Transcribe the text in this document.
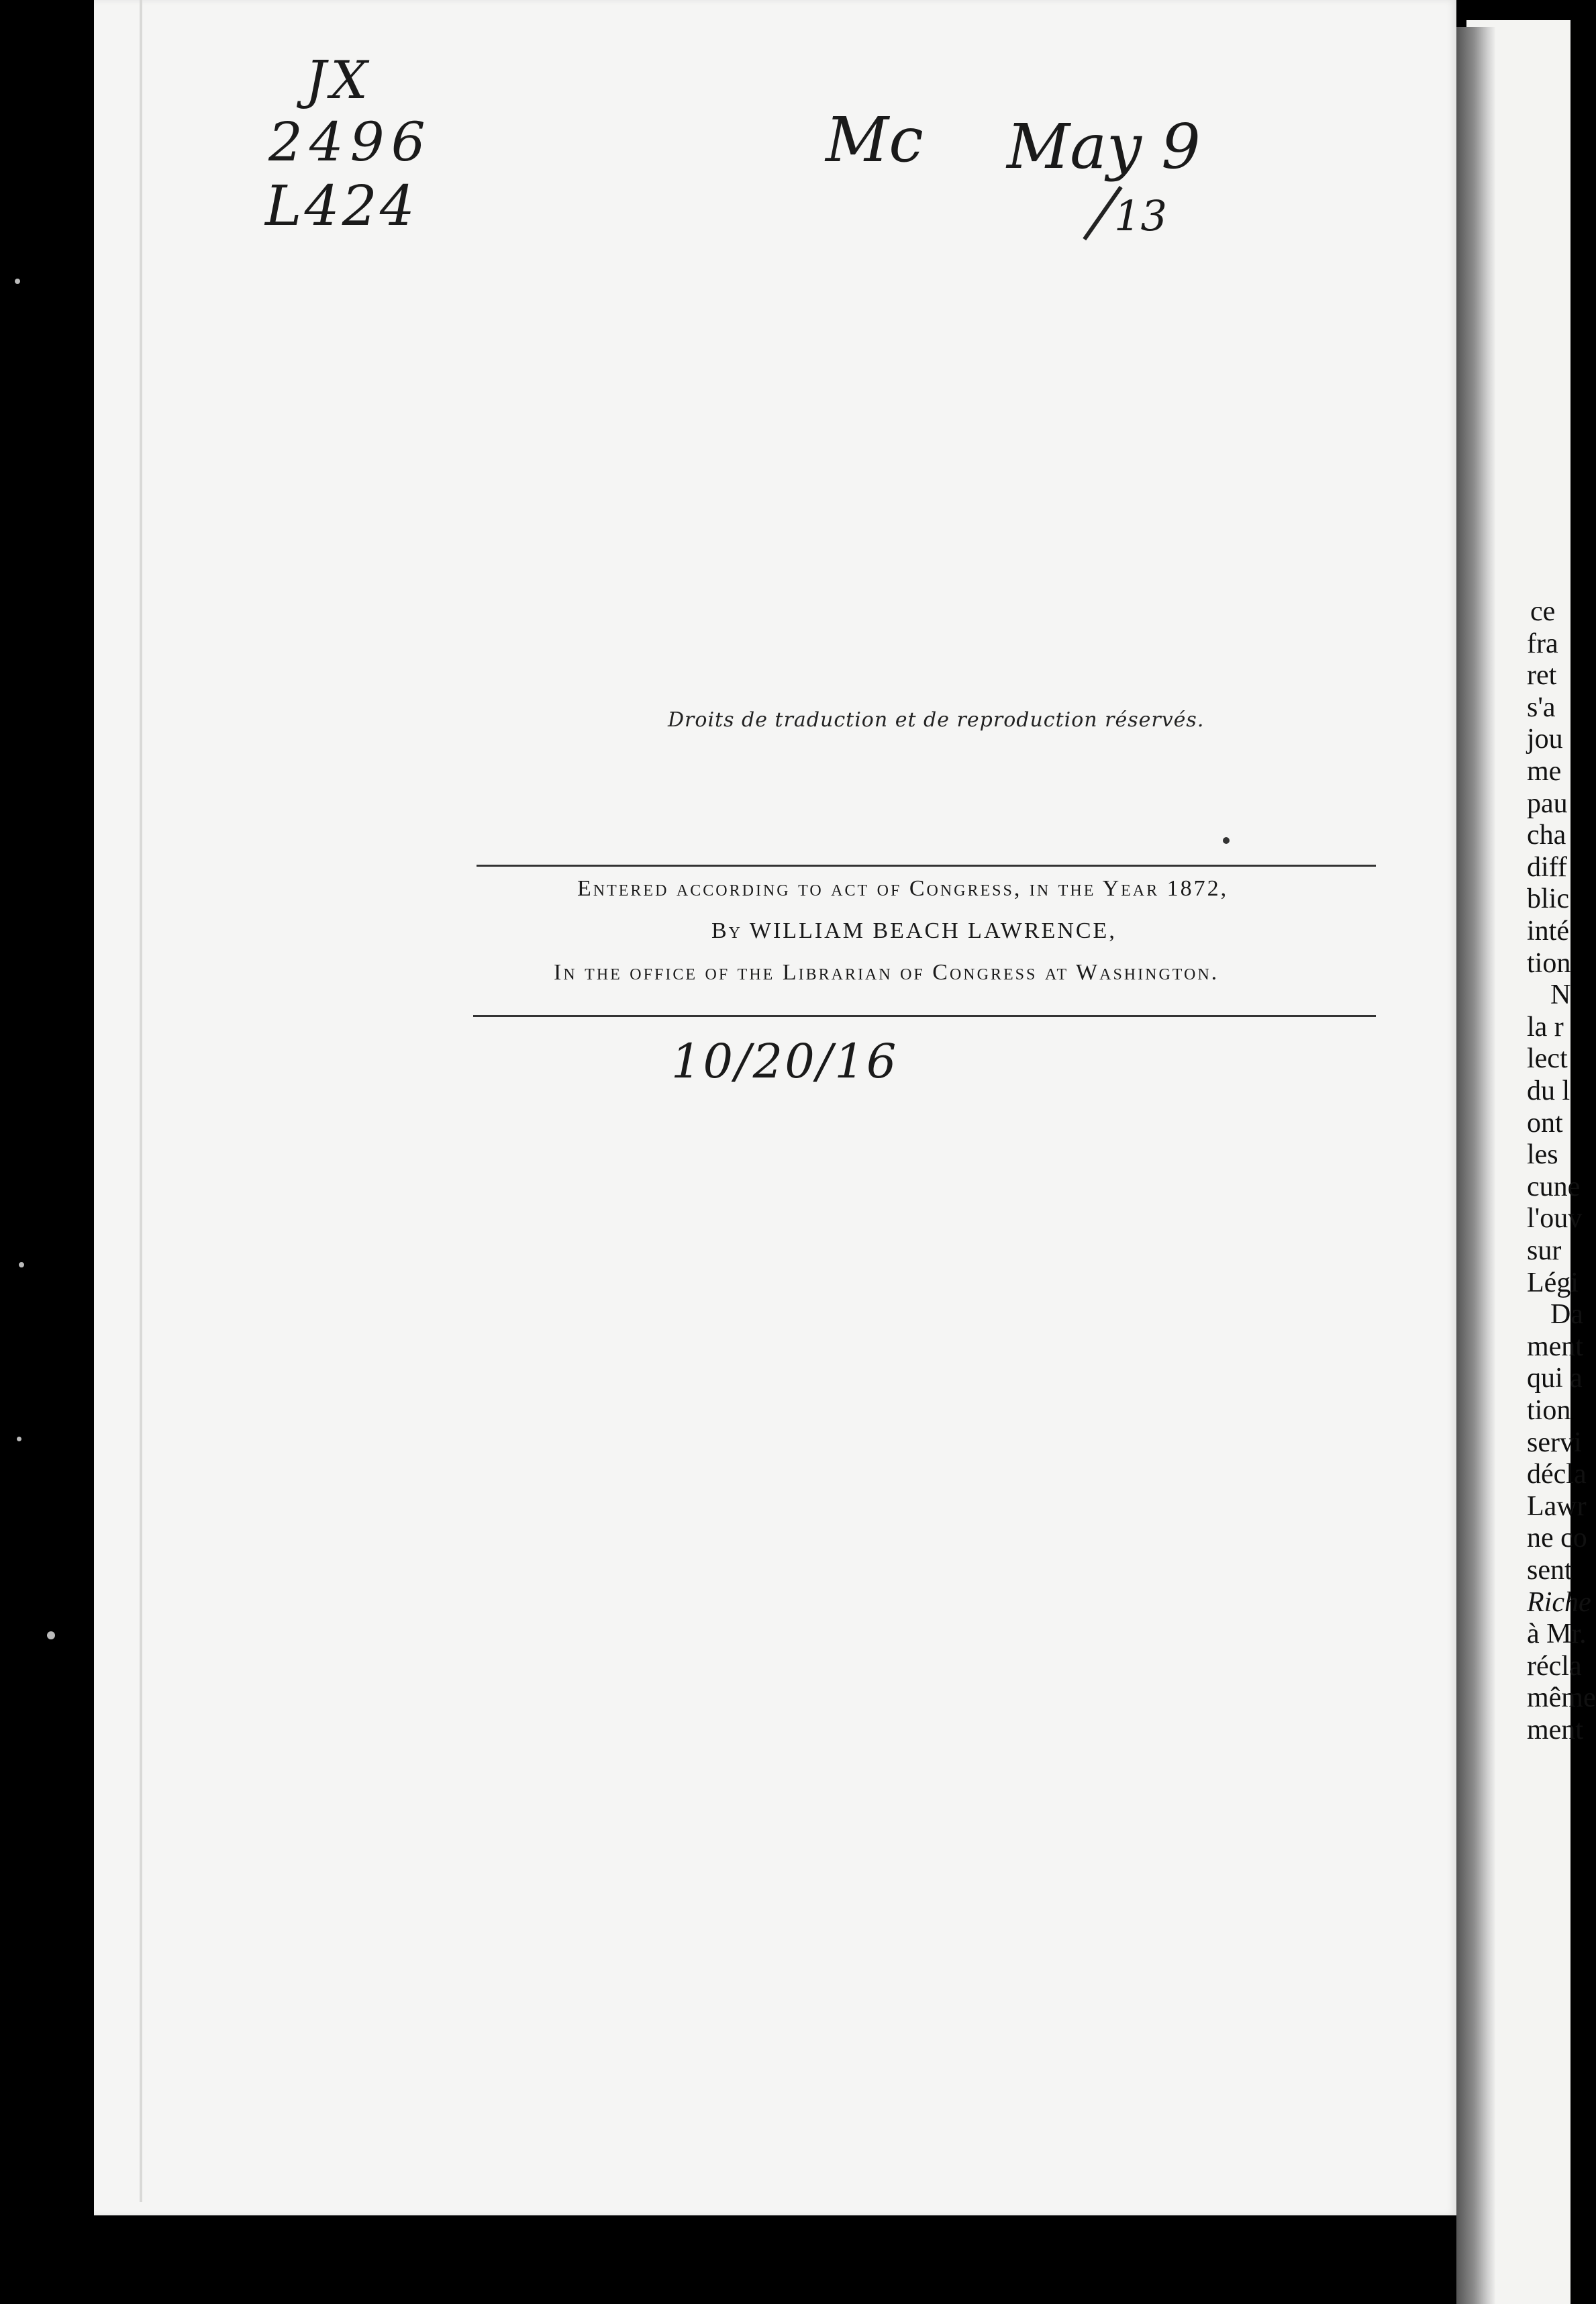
JX
2496
L424
Mc May 9
13
Droits de traduction et de reproduction réservés.
Entered according to act of Congress, in the Year 1872,
By WILLIAM BEACH LAWRENCE,
In the office of the Librarian of Congress at Washington.
10/20/16
ce
fra
ret
s'a
jou
me
pau
cha
diff
blic
inté
tion
N
la r
lect
du l
ont
les
cune
l'ouv
sur
Légi
Da
ment
qui a
tion
servi
décla
Lawr
ne co
sent
Riche
à Mr.
récla
même
ment
